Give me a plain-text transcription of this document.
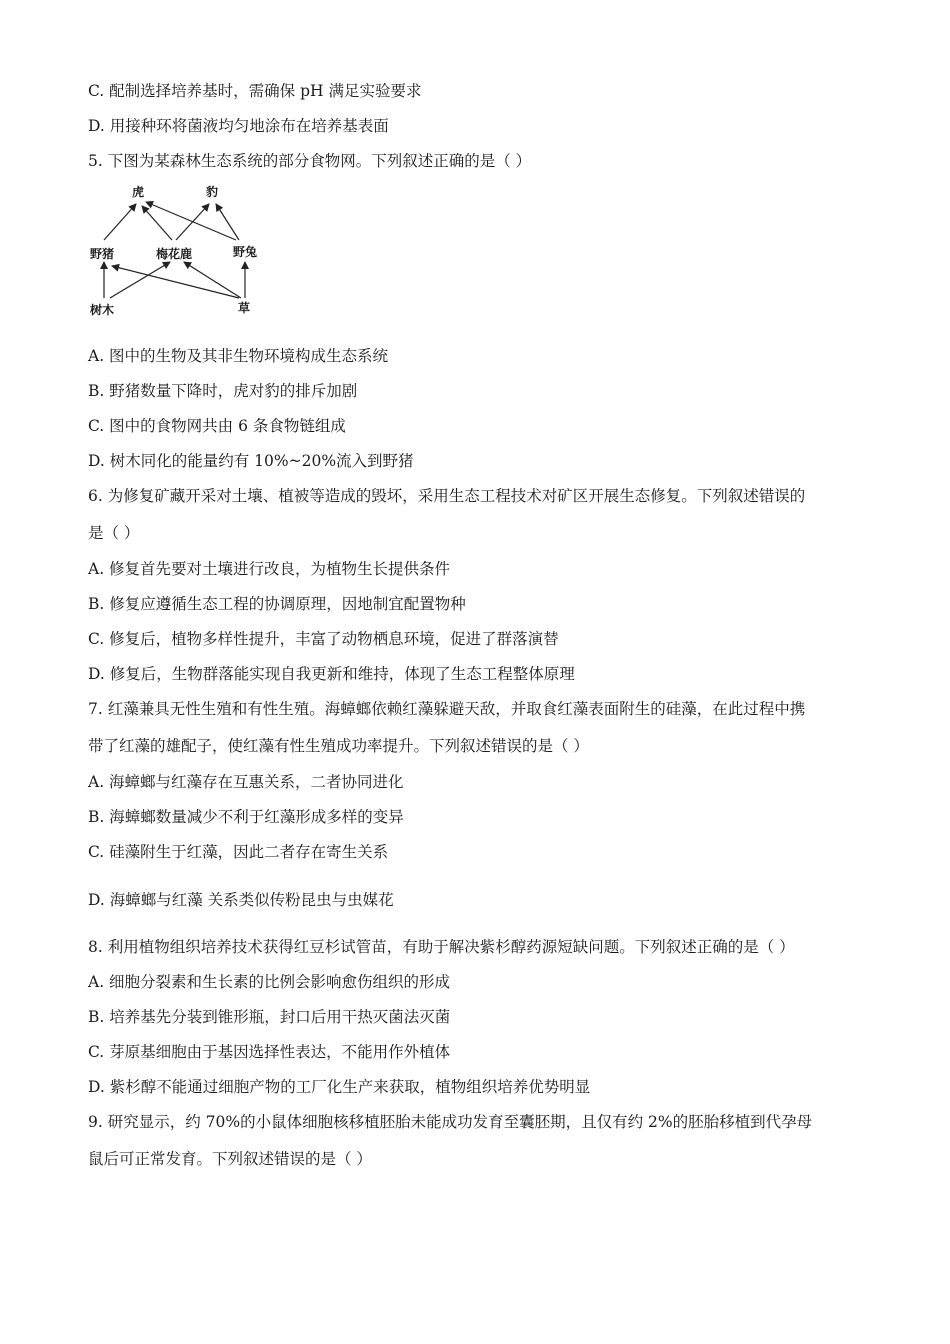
C. 配制选择培养基时，需确保 pH 满足实验要求
D. 用接种环将菌液均匀地涂布在培养基表面
5. 下图为某森林生态系统的部分食物网。下列叙述正确的是（ ）
虎	豹
野猪	梅花鹿	野兔
树木	草
A. 图中的生物及其非生物环境构成生态系统
B. 野猪数量下降时，虎对豹的排斥加剧
C. 图中的食物网共由 6 条食物链组成
D. 树木同化的能量约有 10%~20%流入到野猪
6. 为修复矿藏开采对土壤、植被等造成的毁坏，采用生态工程技术对矿区开展生态修复。下列叙述错误的
是（ ）
A. 修复首先要对土壤进行改良，为植物生长提供条件
B. 修复应遵循生态工程的协调原理，因地制宜配置物种
C. 修复后，植物多样性提升，丰富了动物栖息环境，促进了群落演替
D. 修复后，生物群落能实现自我更新和维持，体现了生态工程整体原理
7. 红藻兼具无性生殖和有性生殖。海蟑螂依赖红藻躲避天敌，并取食红藻表面附生的硅藻，在此过程中携
带了红藻的雄配子，使红藻有性生殖成功率提升。下列叙述错误的是（ ）
A. 海蟑螂与红藻存在互惠关系，二者协同进化
B. 海蟑螂数量减少不利于红藻形成多样的变异
C. 硅藻附生于红藻，因此二者存在寄生关系
D. 海蟑螂与红藻 关系类似传粉昆虫与虫媒花
8. 利用植物组织培养技术获得红豆杉试管苗，有助于解决紫杉醇药源短缺问题。下列叙述正确的是（ ）
A. 细胞分裂素和生长素的比例会影响愈伤组织的形成
B. 培养基先分装到锥形瓶，封口后用干热灭菌法灭菌
C. 芽原基细胞由于基因选择性表达，不能用作外植体
D. 紫杉醇不能通过细胞产物的工厂化生产来获取，植物组织培养优势明显
9. 研究显示，约 70%的小鼠体细胞核移植胚胎未能成功发育至囊胚期，且仅有约 2%的胚胎移植到代孕母
鼠后可正常发育。下列叙述错误的是（ ）
